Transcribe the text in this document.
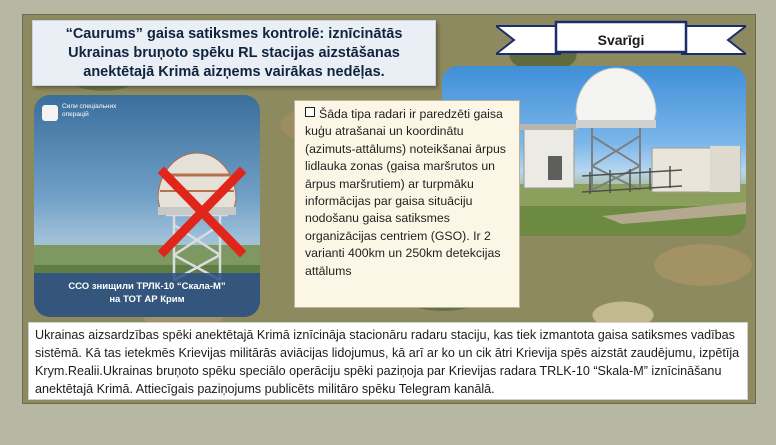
“Caurums” gaisa satiksmes kontrolē: iznīcinātās Ukrainas bruņoto spēku RL stacijas aizstāšanas anektētajā Krimā aizņems vairākas nedēļas.
Svarīgi
Сили спеціальних операцій
ССО знищили ТРЛК-10 “Скала-М”
на ТОТ АР Крим
Šāda tipa radari ir paredzēti gaisa kuģu atrašanai un koordinātu (azimuts-attālums) noteikšanai ārpus lidlauka zonas (gaisa maršrutos un ārpus maršrutiem) ar turpmāku informācijas par gaisa situāciju nodošanu gaisa satiksmes organizācijas centriem (GSO). Ir 2 varianti 400km un 250km detekcijas attālums
Ukrainas aizsardzības spēki anektētajā Krimā iznīcināja stacionāru radaru staciju, kas tiek izmantota gaisa satiksmes vadības sistēmā. Kā tas ietekmēs Krievijas militārās aviācijas lidojumus, kā arī ar ko un cik ātri Krievija spēs aizstāt zaudējumu, izpētīja Krym.Realii.Ukrainas bruņoto spēku speciālo operāciju spēki paziņoja par Krievijas radara TRLK-10 “Skala-M” iznīcināšanu anektētajā Krimā. Attiecīgais paziņojums publicēts militāro spēku Telegram kanālā.
